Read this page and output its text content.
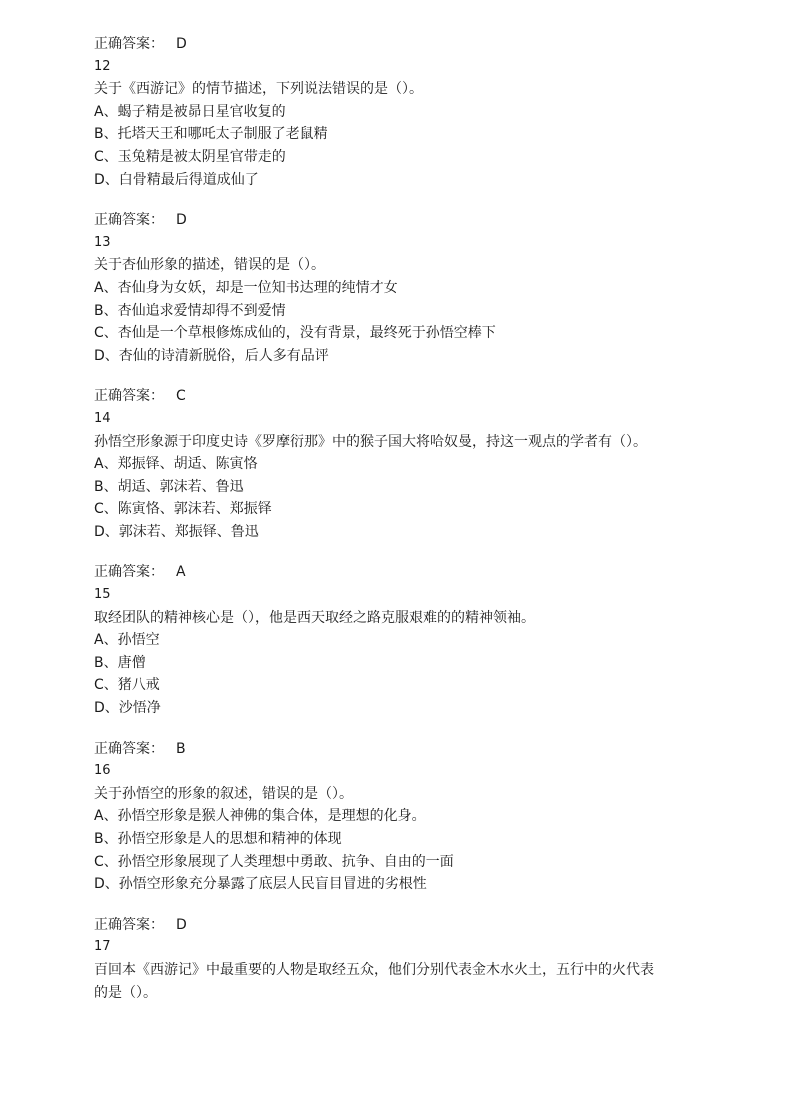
正确答案： D
12
关于《西游记》的情节描述，下列说法错误的是（）。
A、蝎子精是被昴日星官收复的
B、托塔天王和哪吒太子制服了老鼠精
C、玉兔精是被太阴星官带走的
D、白骨精最后得道成仙了
正确答案： D
13
关于杏仙形象的描述，错误的是（）。
A、杏仙身为女妖，却是一位知书达理的纯情才女
B、杏仙追求爱情却得不到爱情
C、杏仙是一个草根修炼成仙的，没有背景，最终死于孙悟空棒下
D、杏仙的诗清新脱俗，后人多有品评
正确答案： C
14
孙悟空形象源于印度史诗《罗摩衍那》中的猴子国大将哈奴曼，持这一观点的学者有（）。
A、郑振铎、胡适、陈寅恪
B、胡适、郭沫若、鲁迅
C、陈寅恪、郭沫若、郑振铎
D、郭沫若、郑振铎、鲁迅
正确答案： A
15
取经团队的精神核心是（），他是西天取经之路克服艰难的的精神领袖。
A、孙悟空
B、唐僧
C、猪八戒
D、沙悟净
正确答案： B
16
关于孙悟空的形象的叙述，错误的是（）。
A、孙悟空形象是猴人神佛的集合体，是理想的化身。
B、孙悟空形象是人的思想和精神的体现
C、孙悟空形象展现了人类理想中勇敢、抗争、自由的一面
D、孙悟空形象充分暴露了底层人民盲目冒进的劣根性
正确答案： D
17
百回本《西游记》中最重要的人物是取经五众，他们分别代表金木水火土，五行中的火代表
的是（）。
